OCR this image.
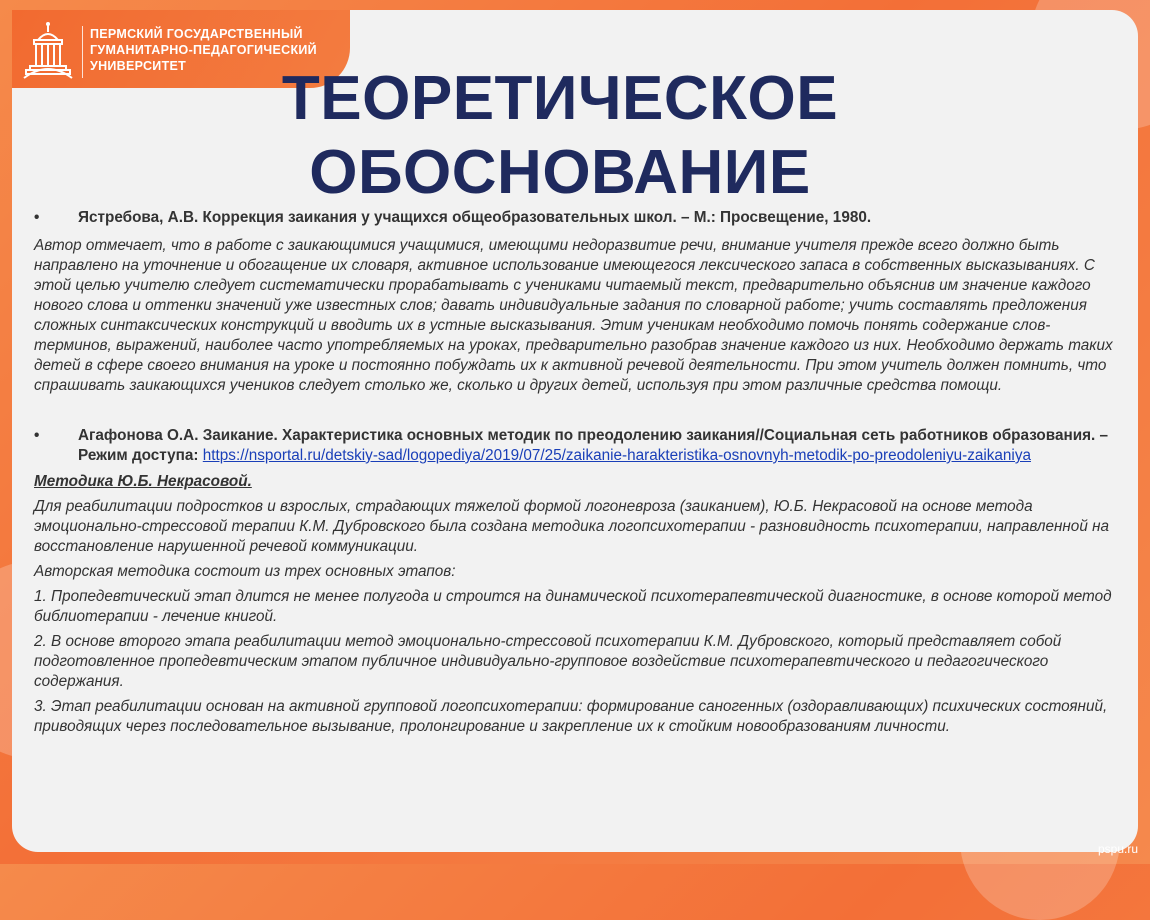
ПЕРМСКИЙ ГОСУДАРСТВЕННЫЙ
ГУМАНИТАРНО-ПЕДАГОГИЧЕСКИЙ
УНИВЕРСИТЕТ	ТЕОРЕТИЧЕСКОЕ
ОБОСНОВАНИЕ
•	Ястребова, А.В. Коррекция заикания у учащихся общеобразовательных школ. – М.: Просвещение, 1980.

Автор отмечает, что в работе с заикающимися учащимися, имеющими недоразвитие речи, внимание учителя прежде всего должно быть направлено на уточнение и обогащение их словаря, активное использование имеющегося лексического запаса в собственных высказываниях. С этой целью учителю следует систематически прорабатывать с учениками читаемый текст, предварительно объяснив им значение каждого нового слова и оттенки значений уже известных слов; давать индивидуальные задания по словарной работе; учить составлять предложения сложных синтаксических конструкций и вводить их в устные высказывания. Этим ученикам необходимо помочь понять содержание слов-терминов, выражений, наиболее часто употребляемых на уроках, предварительно разобрав значение каждого из них. Необходимо держать таких детей в сфере своего внимания на уроке и постоянно побуждать их к активной речевой деятельности. При этом учитель должен помнить, что спрашивать заикающихся учеников следует столько же, сколько и других детей, используя при этом различные средства помощи.

•	Агафонова О.А. Заикание. Характеристика основных методик по преодолению заикания//Социальная сеть работников образования. – Режим доступа: https://nsportal.ru/detskiy-sad/logopediya/2019/07/25/zaikanie-harakteristika-osnovnyh-metodik-po-preodoleniyu-zaikaniya
Методика Ю.Б. Некрасовой.

Для реабилитации подростков и взрослых, страдающих тяжелой формой логоневроза (заиканием), Ю.Б. Некрасовой на основе метода эмоционально-стрессовой терапии К.М. Дубровского была создана методика логопсихотерапии - разновидность психотерапии, направленной на восстановление нарушенной речевой коммуникации.

Авторская методика состоит из трех основных этапов:

1. Пропедевтический этап длится не менее полугода и строится на динамической психотерапевтической диагностике, в основе которой метод библиотерапии - лечение книгой.

2. В основе второго этапа реабилитации метод эмоционально-стрессовой психотерапии К.М. Дубровского, который представляет собой подготовленное пропедевтическим этапом публичное индивидуально-групповое воздействие психотерапевтического и педагогического содержания.

3. Этап реабилитации основан на активной групповой логопсихотерапии: формирование саногенных (оздоравливающих) психических состояний, приводящих через последовательное вызывание, пролонгирование и закрепление их к стойким новообразованиям личности.

pspu.ru
